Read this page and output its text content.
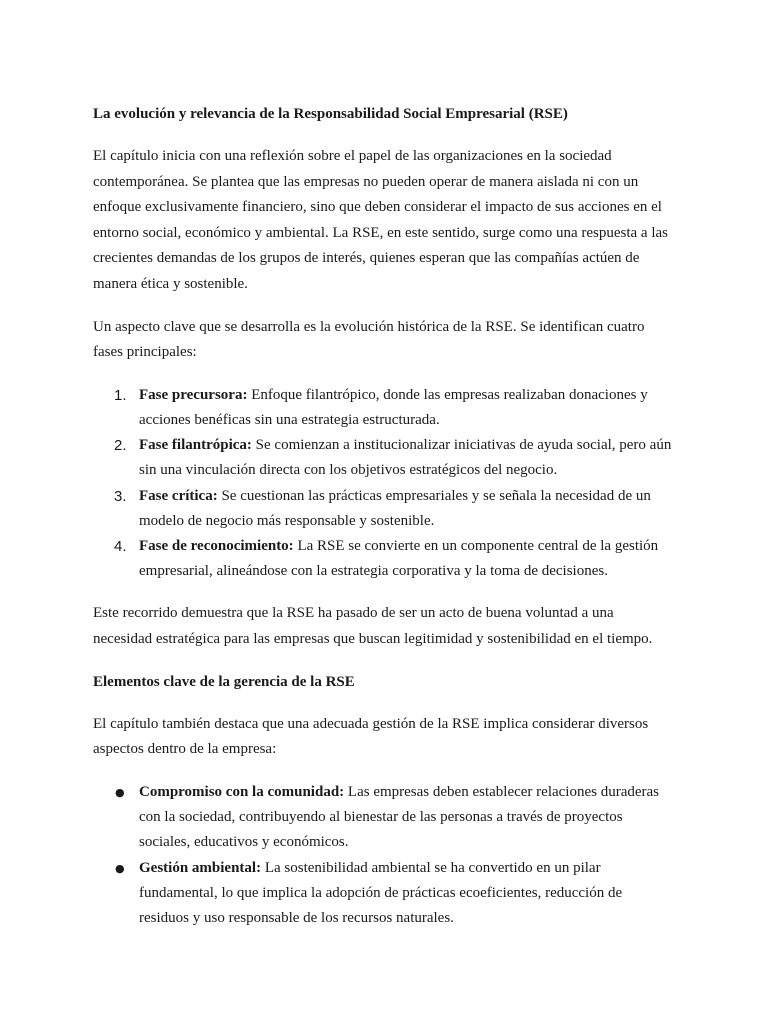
La evolución y relevancia de la Responsabilidad Social Empresarial (RSE)

El capítulo inicia con una reflexión sobre el papel de las organizaciones en la sociedad contemporánea. Se plantea que las empresas no pueden operar de manera aislada ni con un enfoque exclusivamente financiero, sino que deben considerar el impacto de sus acciones en el entorno social, económico y ambiental. La RSE, en este sentido, surge como una respuesta a las crecientes demandas de los grupos de interés, quienes esperan que las compañías actúen de manera ética y sostenible.

Un aspecto clave que se desarrolla es la evolución histórica de la RSE. Se identifican cuatro fases principales:

1. Fase precursora: Enfoque filantrópico, donde las empresas realizaban donaciones y acciones benéficas sin una estrategia estructurada.
2. Fase filantrópica: Se comienzan a institucionalizar iniciativas de ayuda social, pero aún sin una vinculación directa con los objetivos estratégicos del negocio.
3. Fase crítica: Se cuestionan las prácticas empresariales y se señala la necesidad de un modelo de negocio más responsable y sostenible.
4. Fase de reconocimiento: La RSE se convierte en un componente central de la gestión empresarial, alineándose con la estrategia corporativa y la toma de decisiones.

Este recorrido demuestra que la RSE ha pasado de ser un acto de buena voluntad a una necesidad estratégica para las empresas que buscan legitimidad y sostenibilidad en el tiempo.

Elementos clave de la gerencia de la RSE

El capítulo también destaca que una adecuada gestión de la RSE implica considerar diversos aspectos dentro de la empresa:

● Compromiso con la comunidad: Las empresas deben establecer relaciones duraderas con la sociedad, contribuyendo al bienestar de las personas a través de proyectos sociales, educativos y económicos.
● Gestión ambiental: La sostenibilidad ambiental se ha convertido en un pilar fundamental, lo que implica la adopción de prácticas ecoeficientes, reducción de residuos y uso responsable de los recursos naturales.
